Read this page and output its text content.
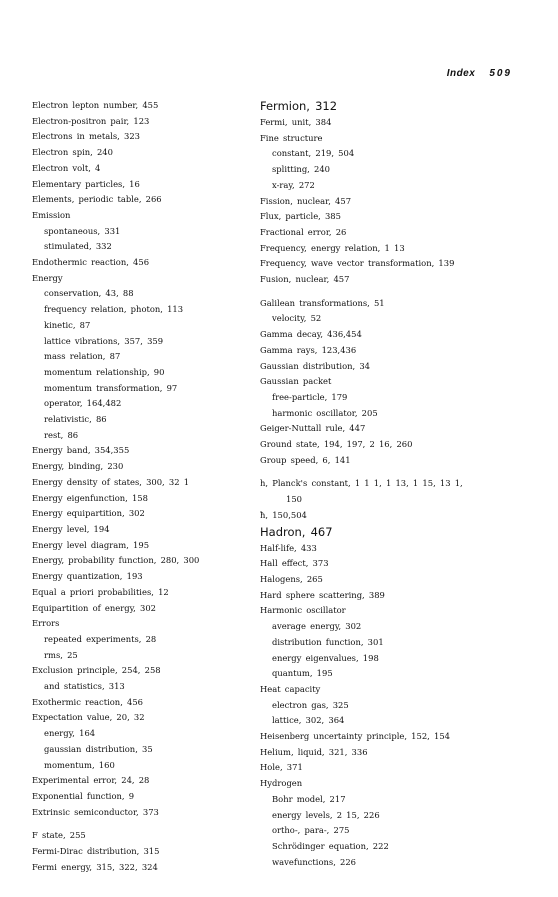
Index 509
Electron lepton number, 455
Electron-positron pair, 123
Electrons in metals, 323
Electron spin, 240
Electron volt, 4
Elementary particles, 16
Elements, periodic table, 266
Emission
spontaneous, 331
stimulated, 332
Endothermic reaction, 456
Energy
conservation, 43, 88
frequency relation, photon, 113
kinetic, 87
lattice vibrations, 357, 359
mass relation, 87
momentum relationship, 90
momentum transformation, 97
operator, 164,482
relativistic, 86
rest, 86
Energy band, 354,355
Energy, binding, 230
Energy density of states, 300, 32 1
Energy eigenfunction, 158
Energy equipartition, 302
Energy level, 194
Energy level diagram, 195
Energy, probability function, 280, 300
Energy quantization, 193
Equal a priori probabilities, 12
Equipartition of energy, 302
Errors
repeated experiments, 28
rms, 25
Exclusion principle, 254, 258
and statistics, 313
Exothermic reaction, 456
Expectation value, 20, 32
energy, 164
gaussian distribution, 35
momentum, 160
Experimental error, 24, 28
Exponential function, 9
Extrinsic semiconductor, 373
F state, 255
Fermi-Dirac distribution, 315
Fermi energy, 315, 322, 324
Fermion, 312
Fermi, unit, 384
Fine structure
constant, 219, 504
splitting, 240
x-ray, 272
Fission, nuclear, 457
Flux, particle, 385
Fractional error, 26
Frequency, energy relation, 1 13
Frequency, wave vector transformation, 139
Fusion, nuclear, 457
Galilean transformations, 51
velocity, 52
Gamma decay, 436,454
Gamma rays, 123,436
Gaussian distribution, 34
Gaussian packet
free-particle, 179
harmonic oscillator, 205
Geiger-Nuttall rule, 447
Ground state, 194, 197, 2 16, 260
Group speed, 6, 141
h, Planck's constant, 1 1 1, 1 13, 1 15, 13 1,
150
ħ, 150,504
Hadron, 467
Half-life, 433
Hall effect, 373
Halogens, 265
Hard sphere scattering, 389
Harmonic oscillator
average energy, 302
distribution function, 301
energy eigenvalues, 198
quantum, 195
Heat capacity
electron gas, 325
lattice, 302, 364
Heisenberg uncertainty principle, 152, 154
Helium, liquid, 321, 336
Hole, 371
Hydrogen
Bohr model, 217
energy levels, 2 15, 226
ortho-, para-, 275
Schrödinger equation, 222
wavefunctions, 226
